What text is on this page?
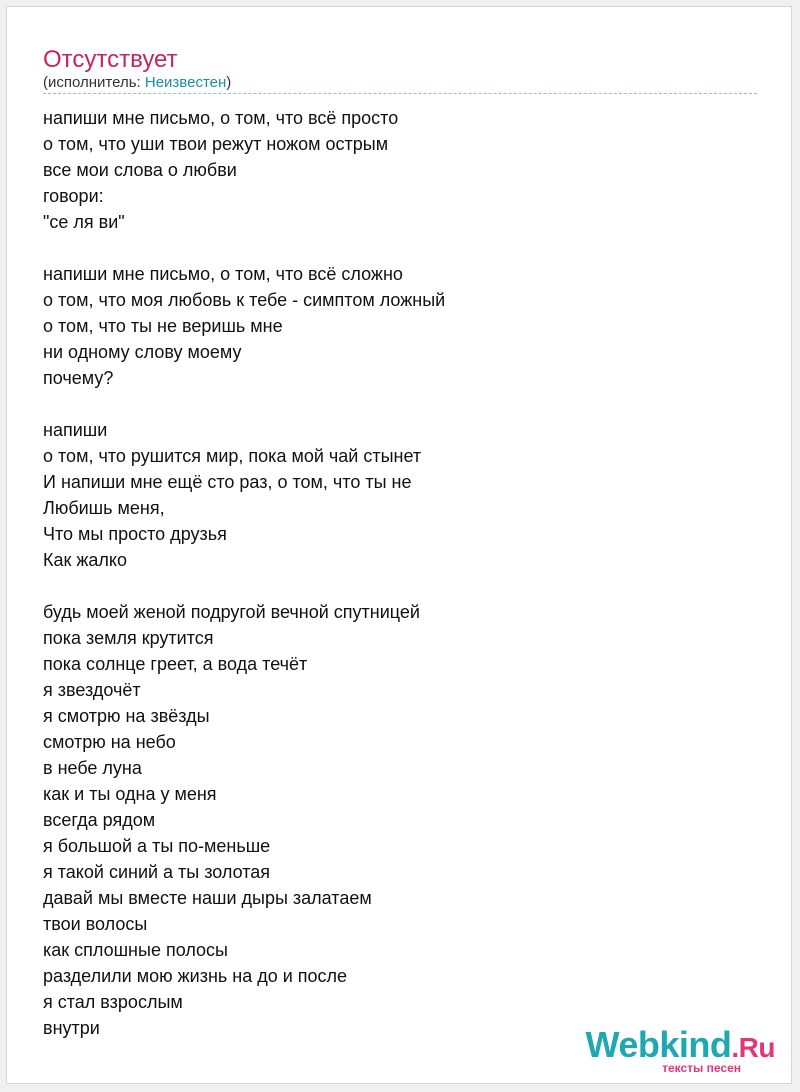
Отсутствует
(исполнитель: Неизвестен)
напиши мне письмо, о том, что всё просто
о том, что уши твои режут ножом острым
все мои слова о любви
говори:
"се ля ви"
напиши мне письмо, о том, что всё сложно
о том, что моя любовь к тебе - симптом ложный
о том, что ты не веришь мне
ни одному слову моему
почему?
напиши
о том, что рушится мир, пока мой чай стынет
И напиши мне ещё сто раз, о том, что ты не
Любишь меня,
Что мы просто друзья
Как жалко
будь моей женой подругой вечной спутницей
пока земля крутится
пока солнце греет, а вода течёт
я звездочёт
я смотрю на звёзды
смотрю на небо
в небе луна
как и ты одна у меня
всегда рядом
я большой а ты по-меньше
я такой синий а ты золотая
давай мы вместе наши дыры залатаем
твои волосы
как сплошные полосы
разделили мою жизнь на до и после
я стал взрослым
внутри	Webkind.Ru
тексты песен
